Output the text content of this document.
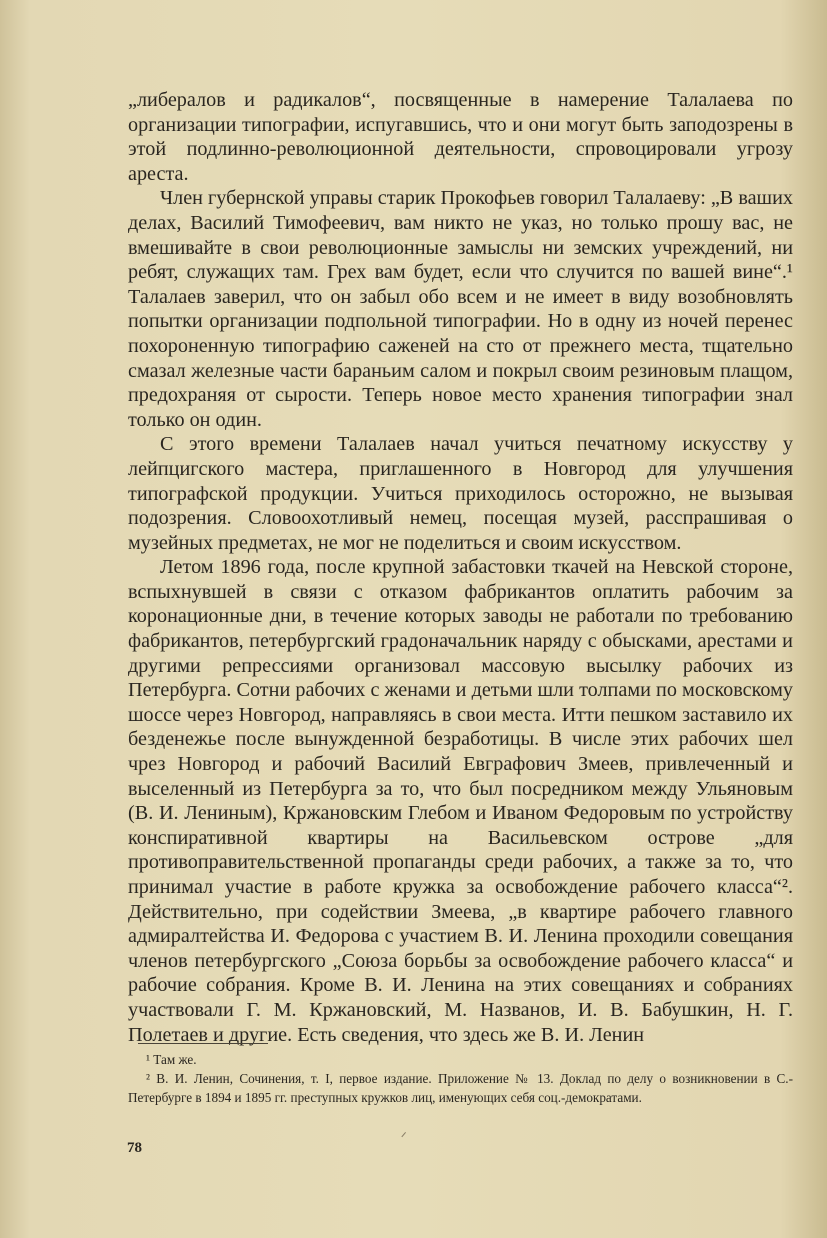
„либералов и радикалов“, посвященные в намерение Талалаева по организации типографии, испугавшись, что и они могут быть заподозрены в этой подлинно-революционной деятельности, спровоцировали угрозу ареста.

Член губернской управы старик Прокофьев говорил Талалаеву: „В ваших делах, Василий Тимофеевич, вам никто не указ, но только прошу вас, не вмешивайте в свои революционные замыслы ни земских учреждений, ни ребят, служащих там. Грех вам будет, если что случится по вашей вине“.¹ Талалаев заверил, что он забыл обо всем и не имеет в виду возобновлять попытки организации подпольной типографии. Но в одну из ночей перенес похороненную типографию саженей на сто от прежнего места, тщательно смазал железные части бараньим салом и покрыл своим резиновым плащом, предохраняя от сырости. Теперь новое место хранения типографии знал только он один.

С этого времени Талалаев начал учиться печатному искусству у лейпцигского мастера, приглашенного в Новгород для улучшения типографской продукции. Учиться приходилось осторожно, не вызывая подозрения. Словоохотливый немец, посещая музей, расспрашивая о музейных предметах, не мог не поделиться и своим искусством.

Летом 1896 года, после крупной забастовки ткачей на Невской стороне, вспыхнувшей в связи с отказом фабрикантов оплатить рабочим за коронационные дни, в течение которых заводы не работали по требованию фабрикантов, петербургский градоначальник наряду с обысками, арестами и другими репрессиями организовал массовую высылку рабочих из Петербурга. Сотни рабочих с женами и детьми шли толпами по московскому шоссе через Новгород, направляясь в свои места. Итти пешком заставило их безденежье после вынужденной безработицы. В числе этих рабочих шел чрез Новгород и рабочий Василий Евграфович Змеев, привлеченный и выселенный из Петербурга за то, что был посредником между Ульяновым (В. И. Лениным), Кржановским Глебом и Иваном Федоровым по устройству конспиративной квартиры на Васильевском острове „для противоправительственной пропаганды среди рабочих, а также за то, что принимал участие в работе кружка за освобождение рабочего класса“². Действительно, при содействии Змеева, „в квартире рабочего главного адмиралтейства И. Федорова с участием В. И. Ленина проходили совещания членов петербургского „Союза борьбы за освобождение рабочего класса“ и рабочие собрания. Кроме В. И. Ленина на этих совещаниях и собраниях участвовали Г. М. Кржановский, М. Названов, И. В. Бабушкин, Н. Г. Полетаев и другие. Есть сведения, что здесь же В. И. Ленин

¹ Там же.

² В. И. Ленин, Сочинения, т. I, первое издание. Приложение № 13. Доклад по делу о возникновении в С.-Петербурге в 1894 и 1895 гг. преступных кружков лиц, именующих себя соц.-демократами.

78
